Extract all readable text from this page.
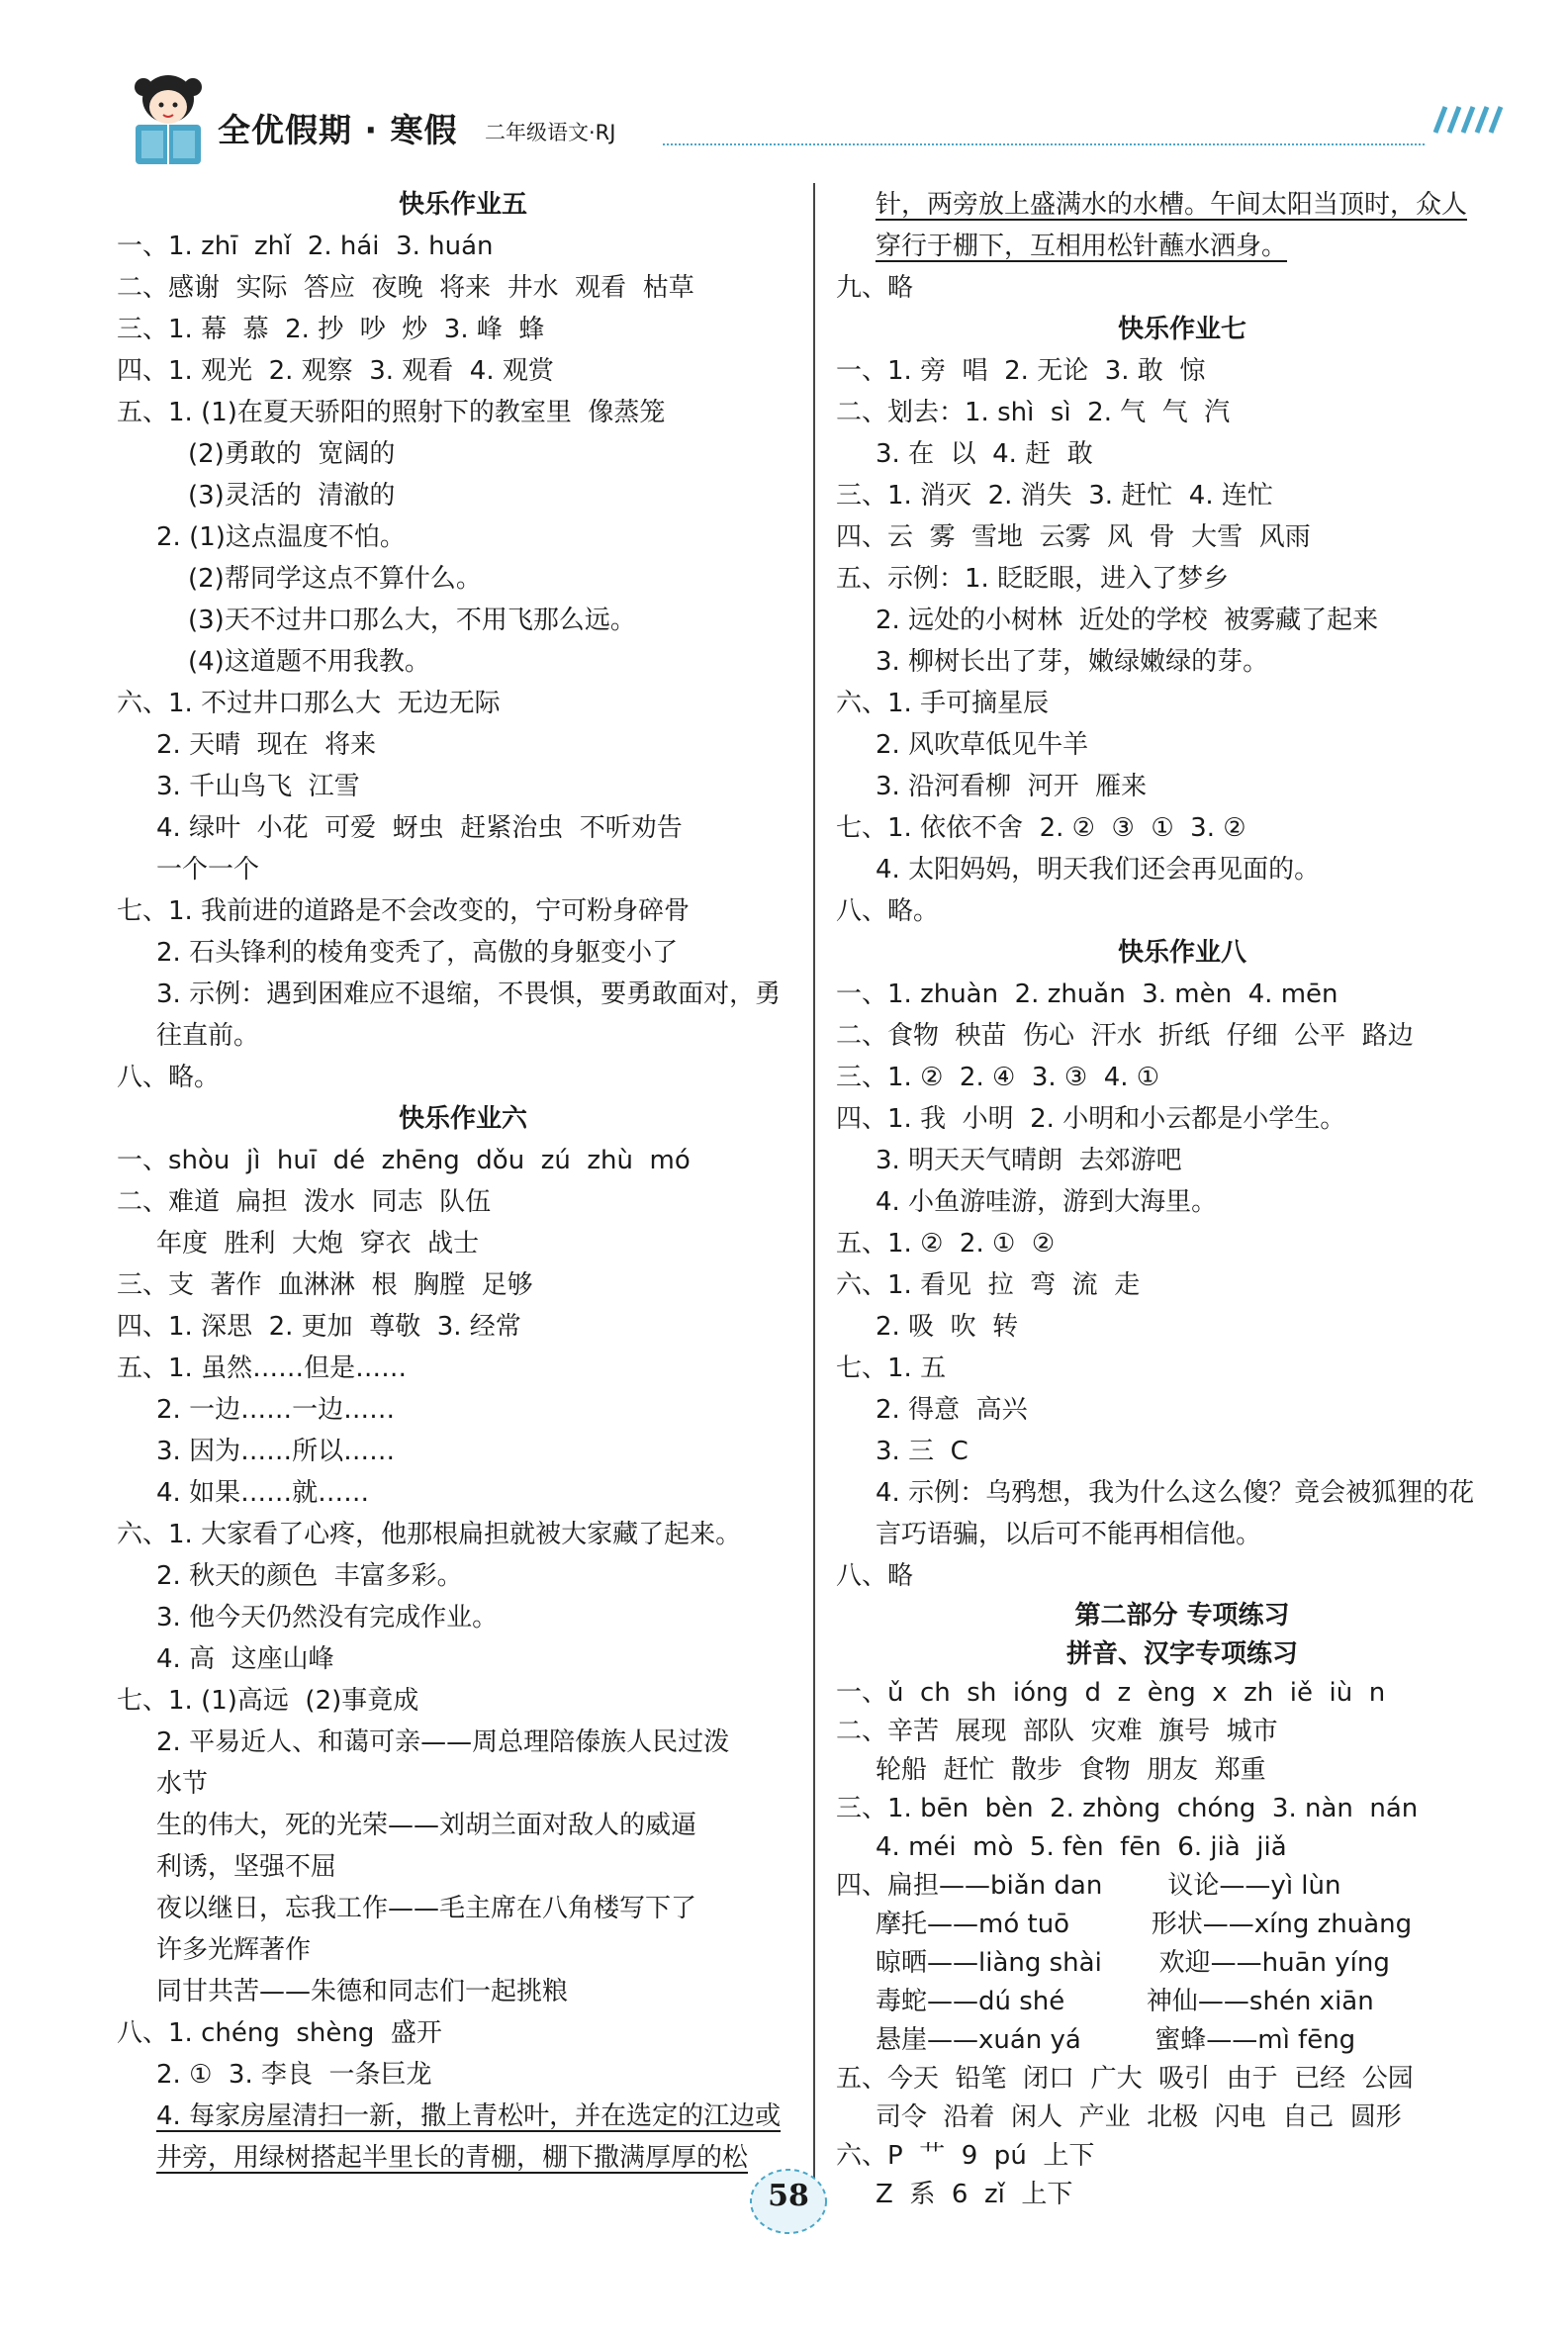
全优假期 · 寒假 二年级语文·RJ
快乐作业五
一、1. zhī  zhǐ  2. hái  3. huán
二、感谢  实际  答应  夜晚  将来  井水  观看  枯草
三、1. 幕  慕  2. 抄  吵  炒  3. 峰  蜂
四、1. 观光  2. 观察  3. 观看  4. 观赏
五、1. (1)在夏天骄阳的照射下的教室里  像蒸笼
(2)勇敢的  宽阔的
(3)灵活的  清澈的
2. (1)这点温度不怕。
(2)帮同学这点不算什么。
(3)天不过井口那么大，不用飞那么远。
(4)这道题不用我教。
六、1. 不过井口那么大  无边无际
2. 天晴  现在  将来
3. 千山鸟飞  江雪
4. 绿叶  小花  可爱  蚜虫  赶紧治虫  不听劝告
一个一个
七、1. 我前进的道路是不会改变的，宁可粉身碎骨
2. 石头锋利的棱角变秃了，高傲的身躯变小了
3. 示例：遇到困难应不退缩，不畏惧，要勇敢面对，勇
往直前。
八、略。
快乐作业六
一、shòu  jì  huī  dé  zhēng  dǒu  zú  zhù  mó
二、难道  扁担  泼水  同志  队伍
年度  胜利  大炮  穿衣  战士
三、支  著作  血淋淋  根  胸膛  足够
四、1. 深思  2. 更加  尊敬  3. 经常
五、1. 虽然……但是……
2. 一边……一边……
3. 因为……所以……
4. 如果……就……
六、1. 大家看了心疼，他那根扁担就被大家藏了起来。
2. 秋天的颜色  丰富多彩。
3. 他今天仍然没有完成作业。
4. 高  这座山峰
七、1. (1)高远  (2)事竟成
2. 平易近人、和蔼可亲——周总理陪傣族人民过泼
水节
生的伟大，死的光荣——刘胡兰面对敌人的威逼
利诱，坚强不屈
夜以继日，忘我工作——毛主席在八角楼写下了
许多光辉著作
同甘共苦——朱德和同志们一起挑粮
八、1. chéng  shèng  盛开
2. ①  3. 李良  一条巨龙
4. 每家房屋清扫一新，撒上青松叶，并在选定的江边或
井旁，用绿树搭起半里长的青棚，棚下撒满厚厚的松
针，两旁放上盛满水的水槽。午间太阳当顶时，众人
穿行于棚下，互相用松针蘸水洒身。
九、略
快乐作业七
一、1. 旁  唱  2. 无论  3. 敢  惊
二、划去：1. shì  sì  2. 气  气  汽
3. 在  以  4. 赶  敢
三、1. 消灭  2. 消失  3. 赶忙  4. 连忙
四、云  雾  雪地  云雾  风  骨  大雪  风雨
五、示例：1. 眨眨眼，进入了梦乡
2. 远处的小树林  近处的学校  被雾藏了起来
3. 柳树长出了芽，嫩绿嫩绿的芽。
六、1. 手可摘星辰
2. 风吹草低见牛羊
3. 沿河看柳  河开  雁来
七、1. 依依不舍  2. ②  ③  ①  3. ②
4. 太阳妈妈，明天我们还会再见面的。
八、略。
快乐作业八
一、1. zhuàn  2. zhuǎn  3. mèn  4. mēn
二、食物  秧苗  伤心  汗水  折纸  仔细  公平  路边
三、1. ②  2. ④  3. ③  4. ①
四、1. 我  小明  2. 小明和小云都是小学生。
3. 明天天气晴朗  去郊游吧
4. 小鱼游哇游，游到大海里。
五、1. ②  2. ①  ②
六、1. 看见  拉  弯  流  走
2. 吸  吹  转
七、1. 五
2. 得意  高兴
3. 三  C
4. 示例：乌鸦想，我为什么这么傻？竟会被狐狸的花
言巧语骗，以后可不能再相信他。
八、略
第二部分 专项练习
拼音、汉字专项练习
一、ǔ  ch  sh  ióng  d  z  èng  x  zh  iě  iù  n
二、辛苦  展现  部队  灾难  旗号  城市
轮船  赶忙  散步  食物  朋友  郑重
三、1. bēn  bèn  2. zhòng  chóng  3. nàn  nán
4. méi  mò  5. fèn  fēn  6. jià  jiǎ
四、扁担——biǎn dan        议论——yì lùn
摩托——mó tuō          形状——xíng zhuàng
晾晒——liàng shài       欢迎——huān yíng
毒蛇——dú shé          神仙——shén xiān
悬崖——xuán yá         蜜蜂——mì fēng
五、今天  铅笔  闭口  广大  吸引  由于  已经  公园
司令  沿着  闲人  产业  北极  闪电  自己  圆形
六、P  艹  9  pú  上下
Z  系  6  zǐ  上下
58
